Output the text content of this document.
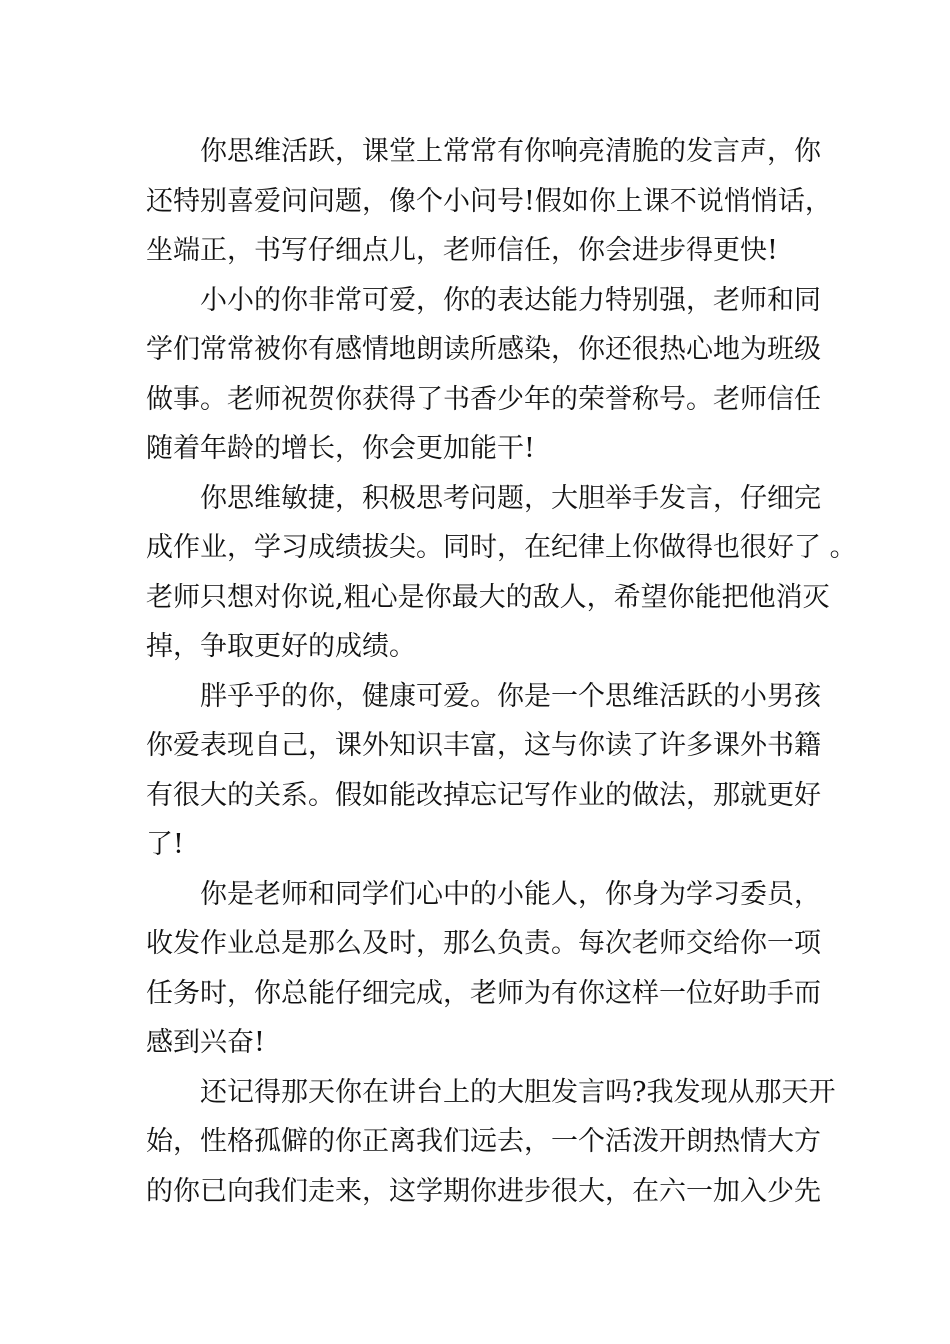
你思维活跃，课堂上常常有你响亮清脆的发言声，你
还特别喜爱问问题，像个小问号!假如你上课不说悄悄话，
坐端正，书写仔细点儿，老师信任，你会进步得更快!

小小的你非常可爱，你的表达能力特别强，老师和同
学们常常被你有感情地朗读所感染，你还很热心地为班级
做事。老师祝贺你获得了书香少年的荣誉称号。老师信任
随着年龄的增长，你会更加能干!

你思维敏捷，积极思考问题，大胆举手发言，仔细完
成作业，学习成绩拔尖。同时，在纪律上你做得也很好了 。
老师只想对你说,粗心是你最大的敌人，希望你能把他消灭
掉，争取更好的成绩。

胖乎乎的你，健康可爱。你是一个思维活跃的小男孩
你爱表现自己，课外知识丰富，这与你读了许多课外书籍
有很大的关系。假如能改掉忘记写作业的做法，那就更好
了!

你是老师和同学们心中的小能人，你身为学习委员，
收发作业总是那么及时，那么负责。每次老师交给你一项
任务时，你总能仔细完成，老师为有你这样一位好助手而
感到兴奋!

还记得那天你在讲台上的大胆发言吗?我发现从那天开
始，性格孤僻的你正离我们远去，一个活泼开朗热情大方
的你已向我们走来，这学期你进步很大，在六一加入少先
